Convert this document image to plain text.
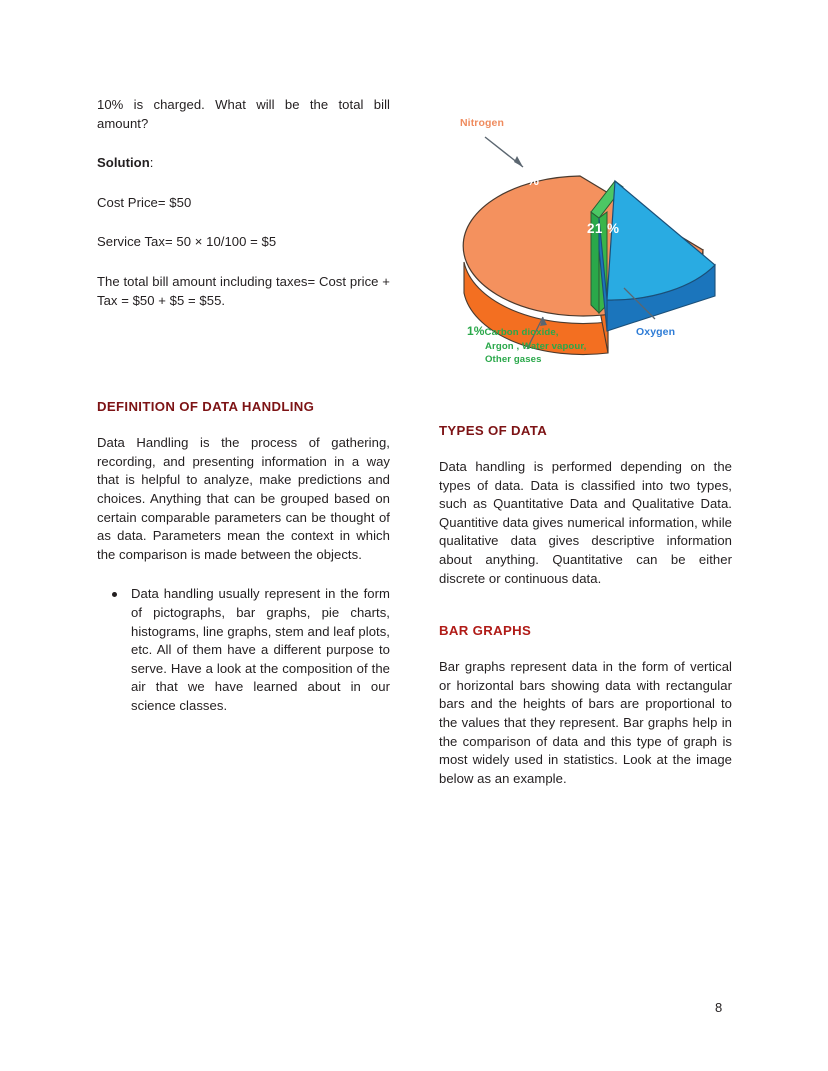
10% is charged. What will be the total bill amount?

Solution:

Cost Price= $50

Service Tax= 50 × 10/100 = $5

The total bill amount including taxes= Cost price + Tax = $50 + $5 = $55.

DEFINITION OF DATA HANDLING

Data Handling is the process of gathering, recording, and presenting information in a way that is helpful to analyze, make predictions and choices. Anything that can be grouped based on certain comparable parameters can be thought of as data. Parameters mean the context in which the comparison is made between the objects.

Data handling usually represent in the form of pictographs, bar graphs, pie charts, histograms, line graphs, stem and leaf plots, etc. All of them have a different purpose to serve. Have a look at the composition of the air that we have learned about in our science classes.
78 %
21 %
Nitrogen
Oxygen
1%Carbon dioxide,
Argon , Water vapour,
Other gases
TYPES OF DATA

Data handling is performed depending on the types of data. Data is classified into two types, such as Quantitative Data and Qualitative Data. Quantitive data gives numerical information, while qualitative data gives descriptive information about anything. Quantitative can be either discrete or continuous data.

BAR GRAPHS

Bar graphs represent data in the form of vertical or horizontal bars showing data with rectangular bars and the heights of bars are proportional to the values that they represent. Bar graphs help in the comparison of data and this type of graph is most widely used in statistics. Look at the image below as an example.

8
